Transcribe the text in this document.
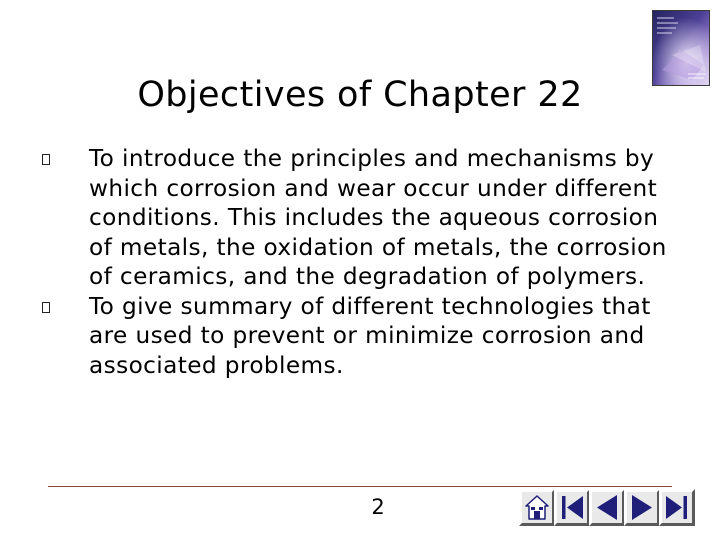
Objectives of Chapter 22
To introduce the principles and mechanisms by which corrosion and wear occur under different conditions. This includes the aqueous corrosion of metals, the oxidation of metals, the corrosion of ceramics, and the degradation of polymers.
To give summary of different technologies that are used to prevent or minimize corrosion and associated problems.
2
